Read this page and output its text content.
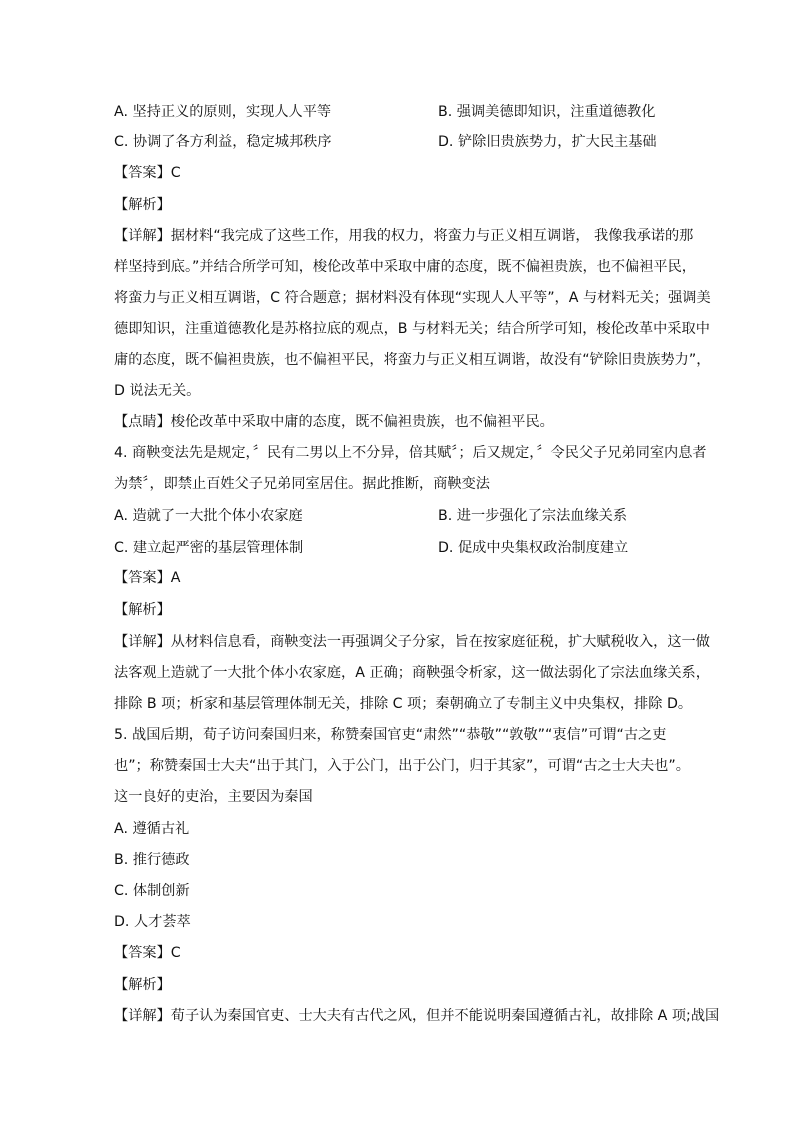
A. 坚持正义的原则，实现人人平等	B. 强调美德即知识，注重道德教化
C. 协调了各方利益，稳定城邦秩序	D. 铲除旧贵族势力，扩大民主基础
【答案】C
【解析】
【详解】据材料“我完成了这些工作，用我的权力，将蛮力与正义相互调谐， 我像我承诺的那
样坚持到底。”并结合所学可知，梭伦改革中采取中庸的态度，既不偏袒贵族，也不偏袒平民，
将蛮力与正义相互调谐，C 符合题意；据材料没有体现“实现人人平等”，A 与材料无关；强调美
德即知识，注重道德教化是苏格拉底的观点，B 与材料无关；结合所学可知，梭伦改革中采取中
庸的态度，既不偏袒贵族，也不偏袒平民，将蛮力与正义相互调谐，故没有“铲除旧贵族势力”，
D 说法无关。
【点睛】梭伦改革中采取中庸的态度，既不偏袒贵族，也不偏袒平民。
4. 商鞅变法先是规定，〞民有二男以上不分异，倍其赋〞；后又规定，〞令民父子兄弟同室内息者
为禁〞，即禁止百姓父子兄弟同室居住。据此推断，商鞅变法
A. 造就了一大批个体小农家庭	B. 进一步强化了宗法血缘关系
C. 建立起严密的基层管理体制	D. 促成中央集权政治制度建立
【答案】A
【解析】
【详解】从材料信息看，商鞅变法一再强调父子分家，旨在按家庭征税，扩大赋税收入，这一做
法客观上造就了一大批个体小农家庭，A 正确；商鞅强令析家，这一做法弱化了宗法血缘关系，
排除 B 项；析家和基层管理体制无关，排除 C 项；秦朝确立了专制主义中央集权，排除 D。
5. 战国后期，荀子访问秦国归来，称赞秦国官吏“肃然”“恭敬”“敦敬”“衷信”可谓“古之吏
也”；称赞秦国士大夫“出于其门，入于公门，出于公门，归于其家”，可谓“古之士大夫也”。
这一良好的吏治，主要因为秦国
A. 遵循古礼
B. 推行德政
C. 体制创新
D. 人才荟萃
【答案】C
【解析】
【详解】荀子认为秦国官吏、士大夫有古代之风，但并不能说明秦国遵循古礼，故排除 A 项;战国
